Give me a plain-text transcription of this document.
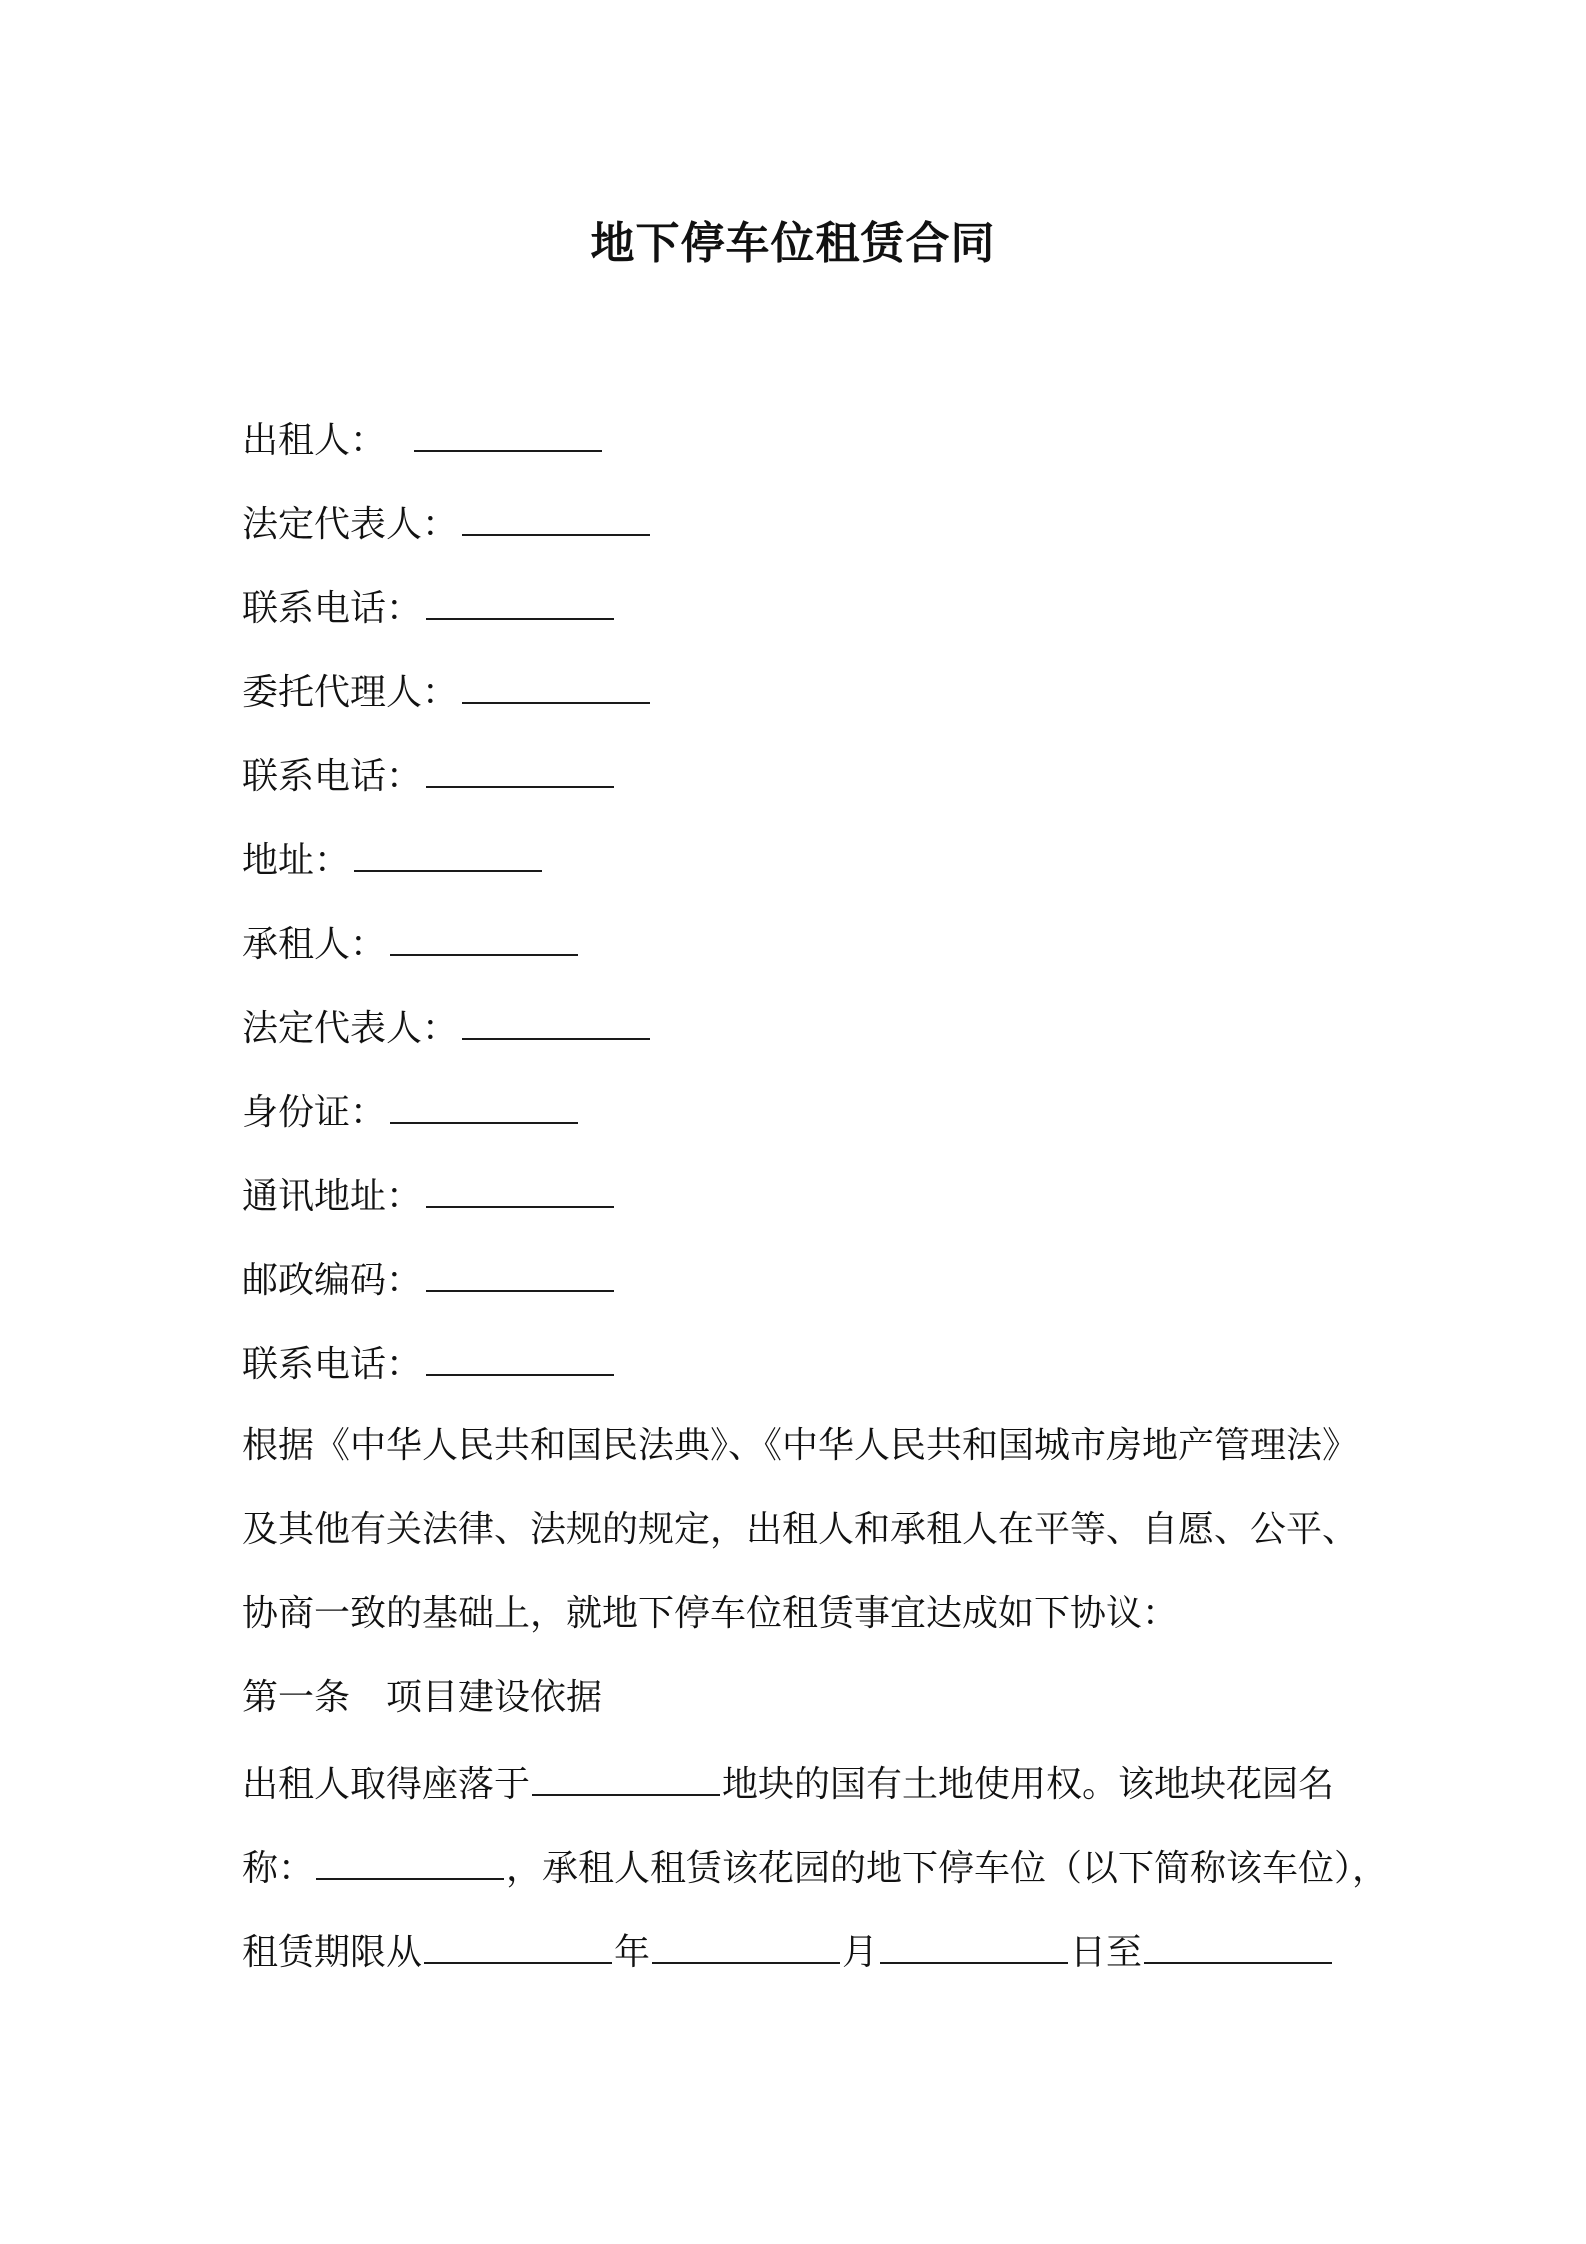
地下停车位租赁合同
出租人：
法定代表人：
联系电话：
委托代理人：
联系电话：
地址：
承租人：
法定代表人：
身份证：
通讯地址：
邮政编码：
联系电话：
根据《中华人民共和国民法典》、《中华人民共和国城市房地产管理法》
及其他有关法律、法规的规定，出租人和承租人在平等、自愿、公平、
协商一致的基础上，就地下停车位租赁事宜达成如下协议：
第一条　项目建设依据
出租人取得座落于	地块的国有土地使用权。该地块花园名
称：	，承租人租赁该花园的地下停车位（以下简称该车位），
租赁期限从	年	月	日至
